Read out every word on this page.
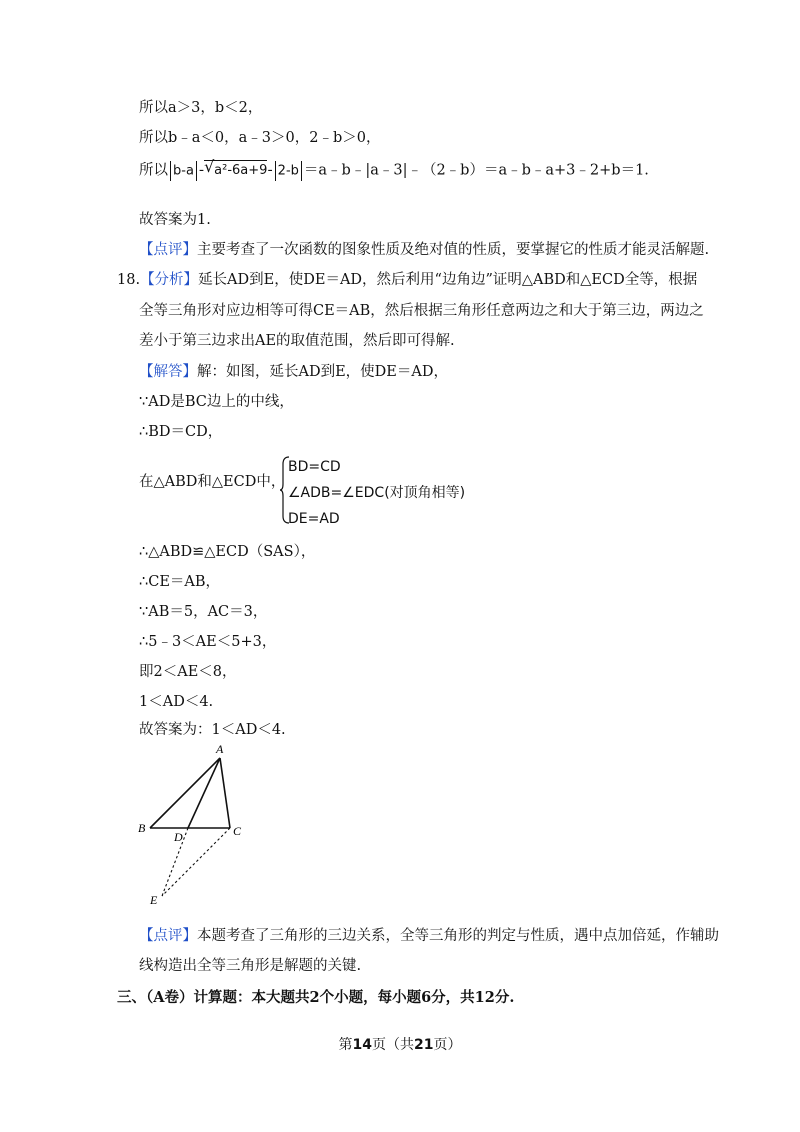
所以a＞3，b＜2，
所以b﹣a＜0，a﹣3＞0，2﹣b＞0，
所以 b-a - √ a²-6a+9- 2-b ＝a﹣b﹣|a﹣3|﹣（2﹣b）＝a﹣b﹣a+3﹣2+b＝1.
故答案为1.
【点评】主要考查了一次函数的图象性质及绝对值的性质，要掌握它的性质才能灵活解题.
18.【分析】延长AD到E，使DE＝AD，然后利用“边角边”证明△ABD和△ECD全等，根据
全等三角形对应边相等可得CE＝AB，然后根据三角形任意两边之和大于第三边，两边之
差小于第三边求出AE的取值范围，然后即可得解.
【解答】解：如图，延长AD到E，使DE＝AD，
∵AD是BC边上的中线，
∴BD＝CD，
在△ABD和△ECD中，
BD=CD
∠ADB=∠EDC(对顶角相等)
DE=AD
∴△ABD≌△ECD（SAS），
∴CE＝AB，
∵AB＝5，AC＝3，
∴5﹣3＜AE＜5+3，
即2＜AE＜8，
1＜AD＜4.
故答案为：1＜AD＜4.
A
B	C
D
E
【点评】本题考查了三角形的三边关系，全等三角形的判定与性质，遇中点加倍延，作辅助
线构造出全等三角形是解题的关键.
三、（A卷）计算题：本大题共2个小题，每小题6分，共12分.
第14页（共21页）
